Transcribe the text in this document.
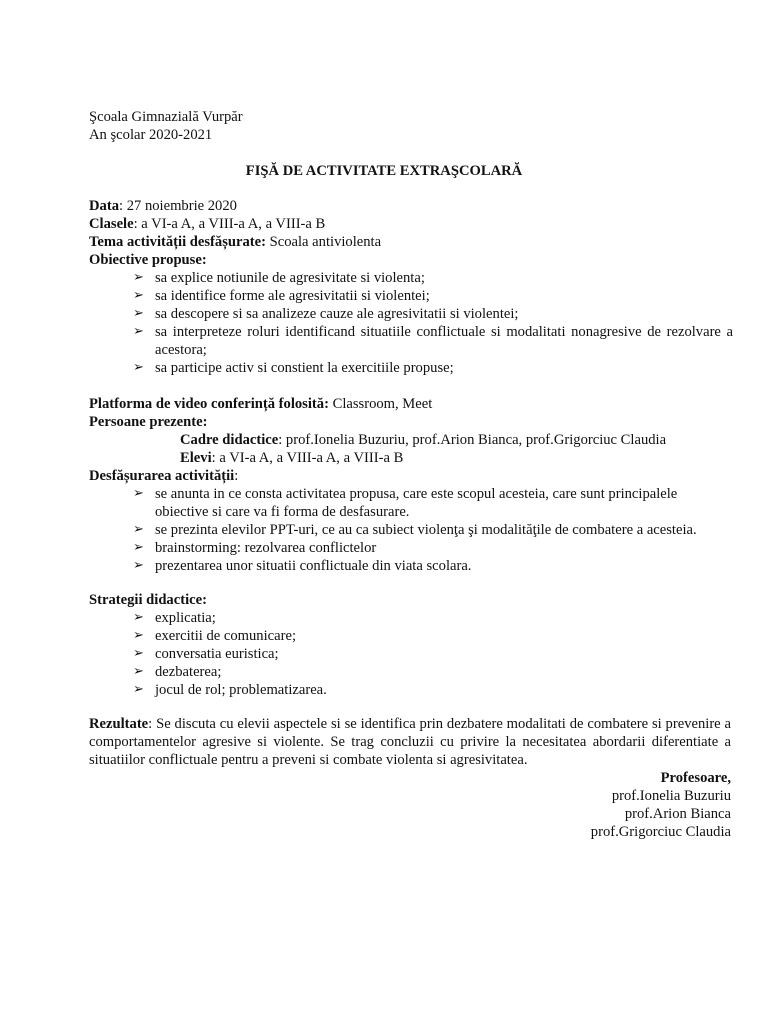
Şcoala Gimnazială Vurpăr
An şcolar 2020-2021
FIŞĂ DE ACTIVITATE EXTRAŞCOLARĂ
Data: 27 noiembrie 2020
Clasele: a VI-a A, a VIII-a A, a VIII-a B
Tema activității desfășurate: Scoala antiviolenta
Obiective propuse:
➢ sa explice notiunile de agresivitate si violenta;
➢ sa identifice forme ale agresivitatii si violentei;
➢ sa descopere si sa analizeze cauze ale agresivitatii si violentei;
➢ sa interpreteze roluri identificand situatiile conflictuale si modalitati nonagresive de rezolvare a acestora;
➢ sa participe activ si constient la exercitiile propuse;
Platforma de video conferință folosită: Classroom, Meet
Persoane prezente:
Cadre didactice: prof.Ionelia Buzuriu, prof.Arion Bianca, prof.Grigorciuc Claudia
Elevi: a VI-a A, a VIII-a A, a VIII-a B
Desfășurarea activității:
➢ se anunta in ce consta activitatea propusa, care este scopul acesteia, care sunt principalele obiective si care va fi forma de desfasurare.
➢ se prezinta elevilor PPT-uri, ce au ca subiect violenţa şi modalităţile de combatere a acesteia.
➢ brainstorming: rezolvarea conflictelor
➢ prezentarea unor situatii conflictuale din viata scolara.
Strategii didactice:
➢ explicatia;
➢ exercitii de comunicare;
➢ conversatia euristica;
➢ dezbaterea;
➢ jocul de rol; problematizarea.
Rezultate: Se discuta cu elevii aspectele si se identifica prin dezbatere modalitati de combatere si prevenire a comportamentelor agresive si violente. Se trag concluzii cu privire la necesitatea abordarii diferentiate a situatiilor conflictuale pentru a preveni si combate violenta si agresivitatea.
Profesoare,
prof.Ionelia Buzuriu
prof.Arion Bianca
prof.Grigorciuc Claudia
